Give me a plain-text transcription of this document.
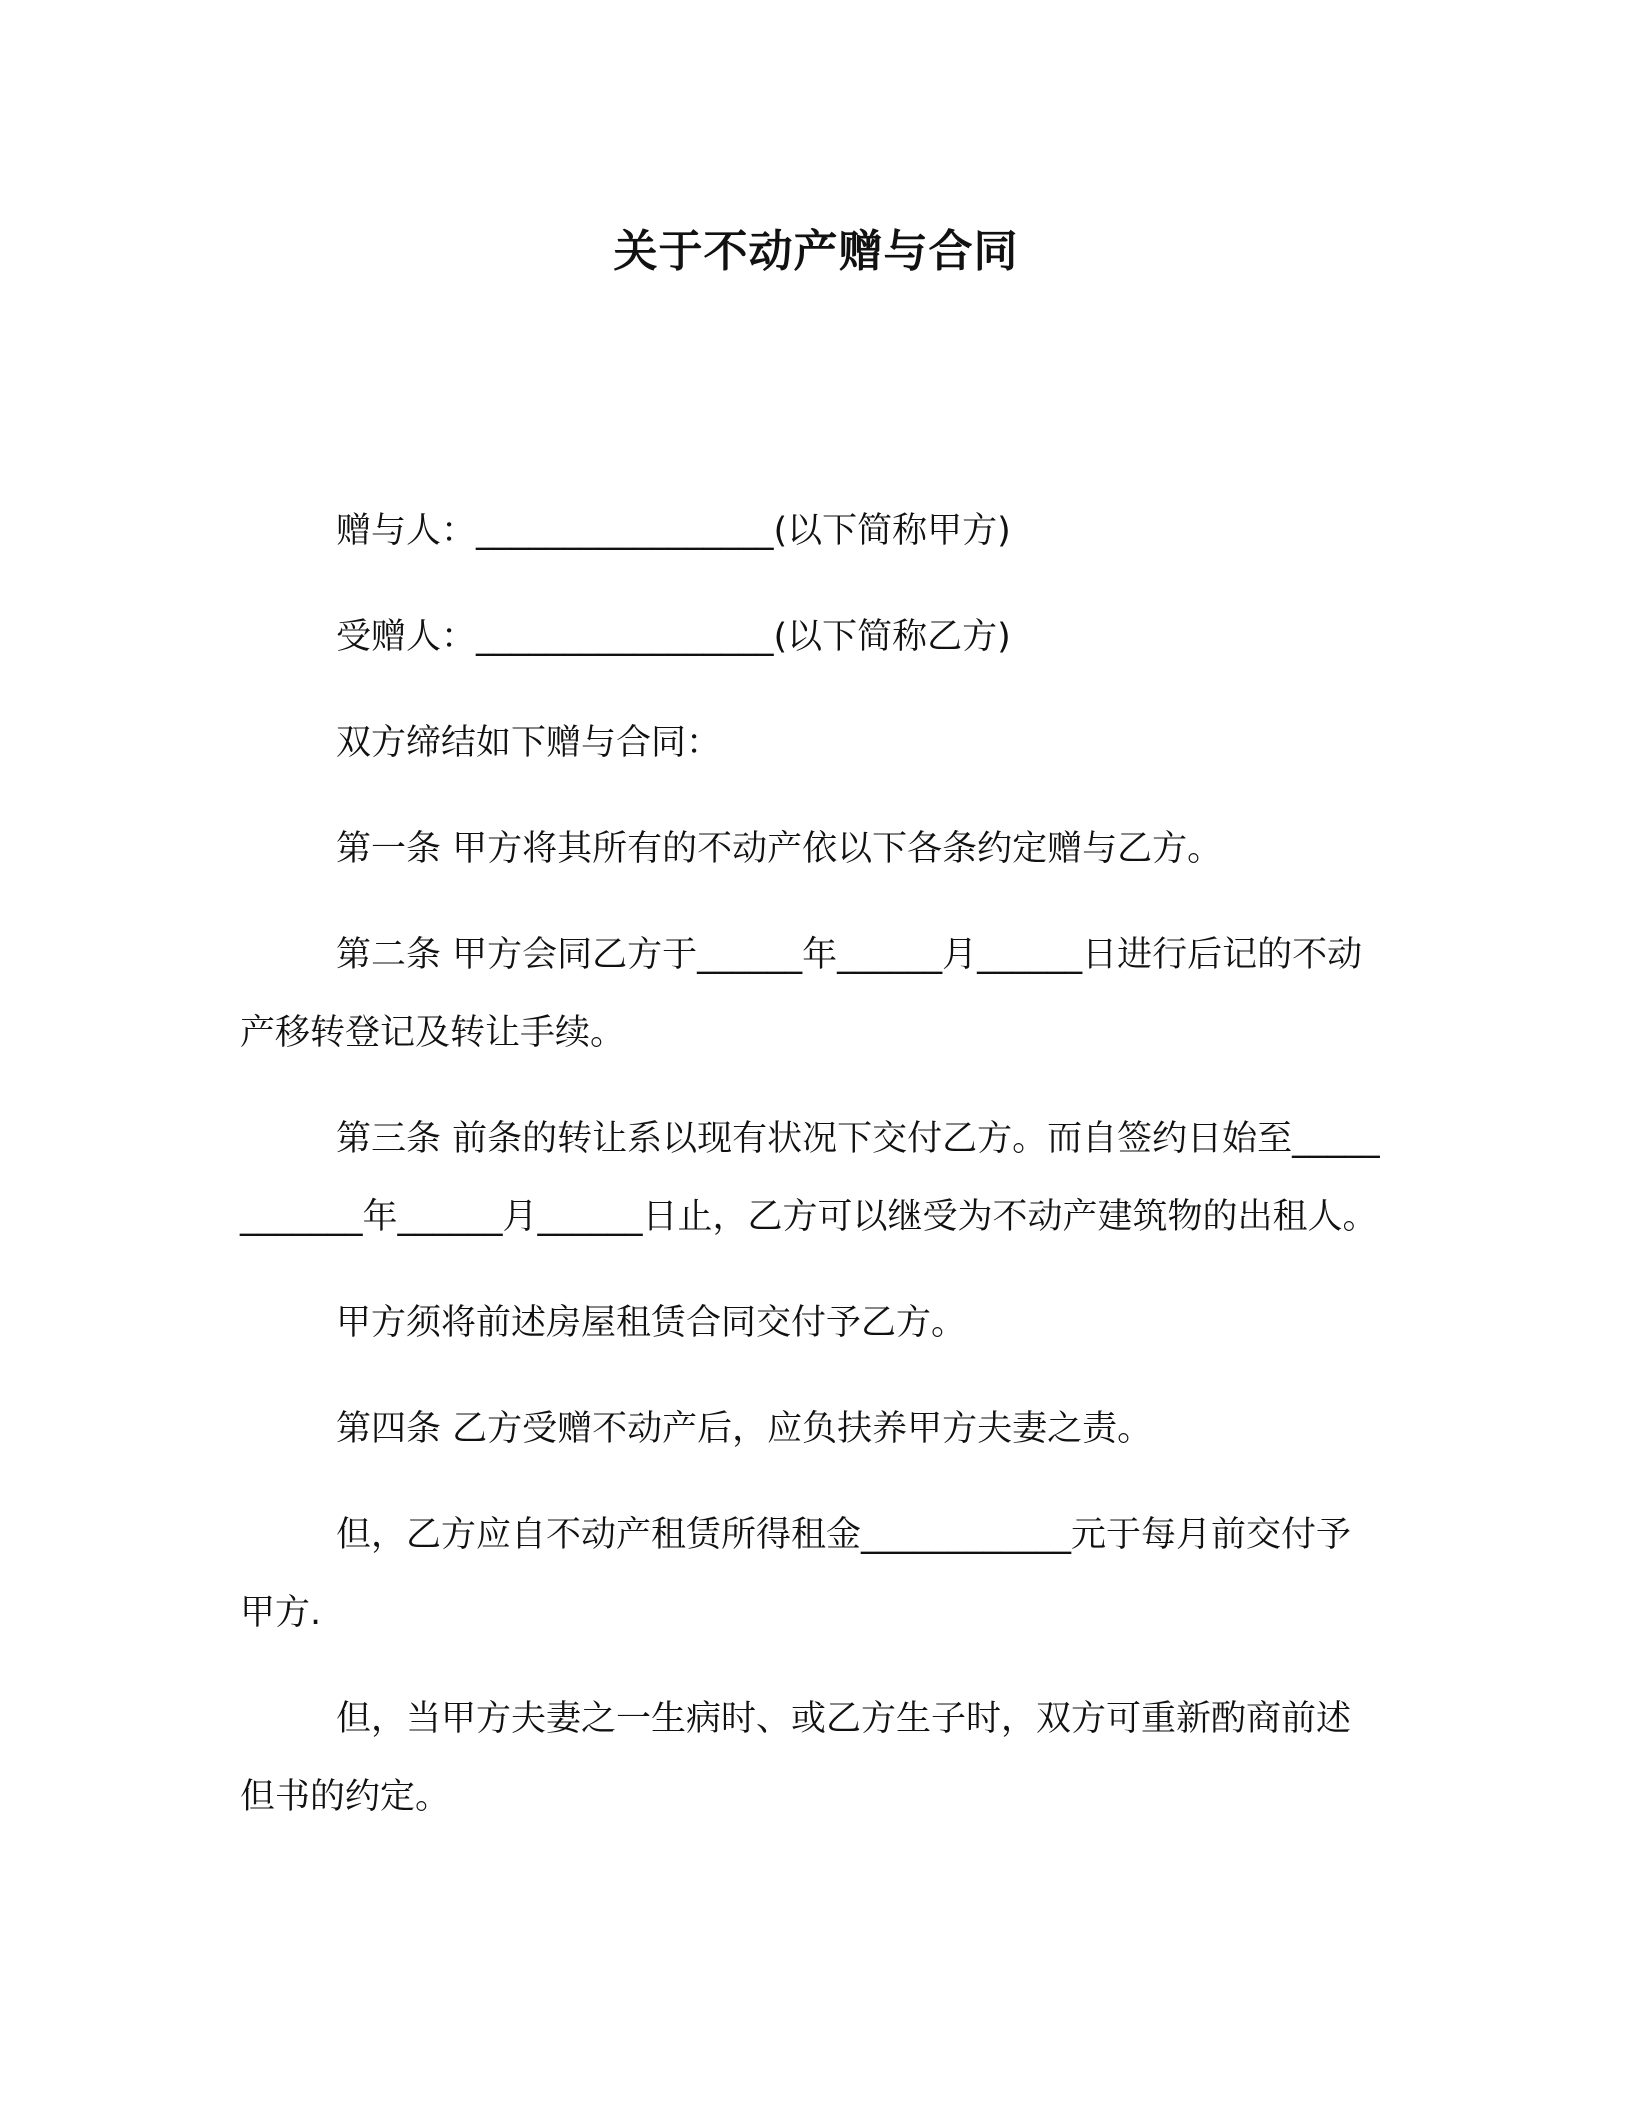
关于不动产赠与合同

赠与人：_________________(以下简称甲方)

受赠人：_________________(以下简称乙方)

双方缔结如下赠与合同：

第一条 甲方将其所有的不动产依以下各条约定赠与乙方。

第二条 甲方会同乙方于______年______月______日进行后记的不动产移转登记及转让手续。

第三条 前条的转让系以现有状况下交付乙方。而自签约日始至____________年______月______日止，乙方可以继受为不动产建筑物的出租人。

甲方须将前述房屋租赁合同交付予乙方。

第四条 乙方受赠不动产后，应负扶养甲方夫妻之责。

但，乙方应自不动产租赁所得租金____________元于每月前交付予甲方.

但，当甲方夫妻之一生病时、或乙方生子时，双方可重新酌商前述但书的约定。
